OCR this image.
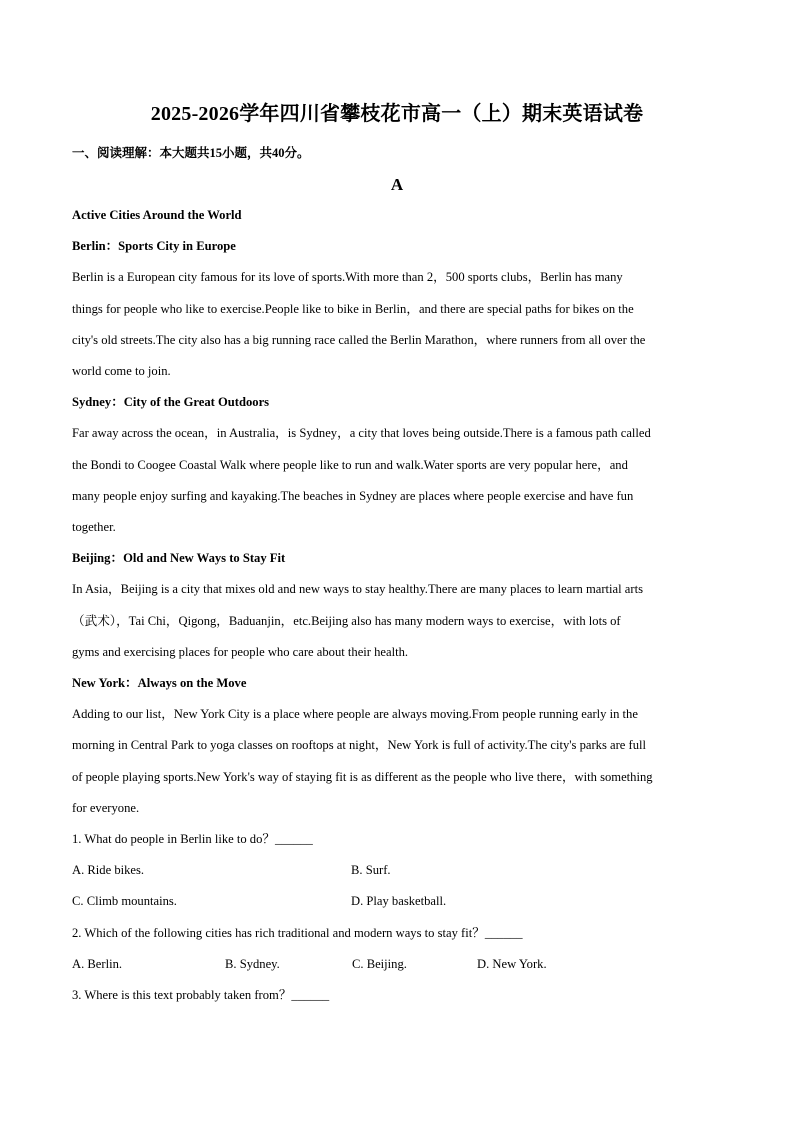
2025-2026学年四川省攀枝花市高一（上）期末英语试卷
一、阅读理解：本大题共15小题，共40分。
A
Active Cities Around the World
Berlin：Sports City in Europe
Berlin is a European city famous for its love of sports.With more than 2，500 sports clubs，Berlin has many
things for people who like to exercise.People like to bike in Berlin，and there are special paths for bikes on the
city's old streets.The city also has a big running race called the Berlin Marathon，where runners from all over the
world come to join.
Sydney：City of the Great Outdoors
Far away across the ocean，in Australia，is Sydney，a city that loves being outside.There is a famous path called
the Bondi to Coogee Coastal Walk where people like to run and walk.Water sports are very popular here，and
many people enjoy surfing and kayaking.The beaches in Sydney are places where people exercise and have fun
together.
Beijing：Old and New Ways to Stay Fit
In Asia，Beijing is a city that mixes old and new ways to stay healthy.There are many places to learn martial arts
（武术），Tai Chi，Qigong，Baduanjin，etc.Beijing also has many modern ways to exercise，with lots of
gyms and exercising places for people who care about their health.
New York：Always on the Move
Adding to our list，New York City is a place where people are always moving.From people running early in the
morning in Central Park to yoga classes on rooftops at night，New York is full of activity.The city's parks are full
of people playing sports.New York's way of staying fit is as different as the people who live there，with something
for everyone.
1. What do people in Berlin like to do？______
A. Ride bikes.	B. Surf.
C. Climb mountains.	D. Play basketball.
2. Which of the following cities has rich traditional and modern ways to stay fit？______
A. Berlin.	B. Sydney.	C. Beijing.	D. New York.
3. Where is this text probably taken from？______
